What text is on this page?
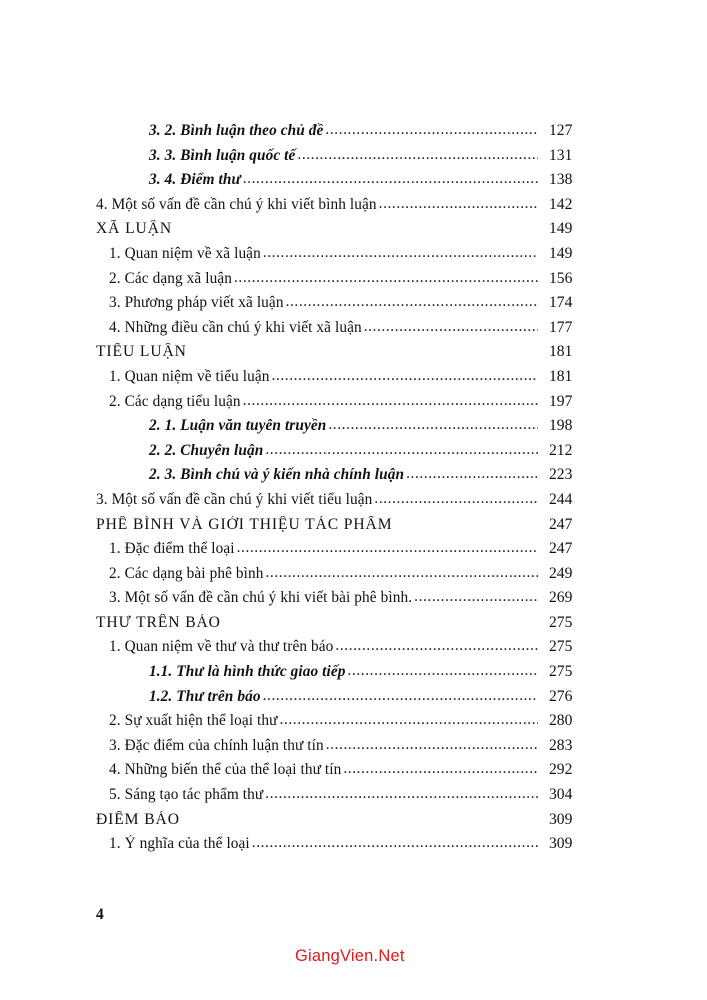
3. 2. Bình luận theo chủ đề .....	127
3. 3. Bình luận quốc tế .....	131
3. 4. Điểm thư .....	138
4. Một số vấn đề cần chú ý khi viết bình luận .....	142
XÃ LUẬN	149
1. Quan niệm về xã luận .....	149
2. Các dạng xã luận .....	156
3. Phương pháp viết xã luận .....	174
4. Những điều cần chú ý khi viết xã luận .....	177
TIỂU LUẬN	181
1. Quan niệm về tiểu luận .....	181
2. Các dạng tiểu luận .....	197
2. 1. Luận văn tuyên truyền .....	198
2. 2. Chuyên luận .....	212
2. 3. Bình chú và ý kiến nhà chính luận .....	223
3. Một số vấn đề cần chú ý khi viết tiểu luận .....	244
PHÊ BÌNH VÀ GIỚI THIỆU TÁC PHẨM	247
1. Đặc điểm thể loại .....	247
2. Các dạng bài phê bình .....	249
3. Một số vấn đề cần chú ý khi viết bài phê bình. .....	269
THƯ TRÊN BÁO	275
1. Quan niệm về thư và thư trên báo .....	275
1.1. Thư là hình thức giao tiếp .....	275
1.2. Thư trên báo .....	276
2. Sự xuất hiện thể loại thư .....	280
3. Đặc điểm của chính luận thư tín .....	283
4. Những biến thể của thể loại thư tín .....	292
5. Sáng tạo tác phẩm thư .....	304
ĐIỂM BÁO	309
1. Ý nghĩa của thể loại .....	309
4
GiangVien.Net
